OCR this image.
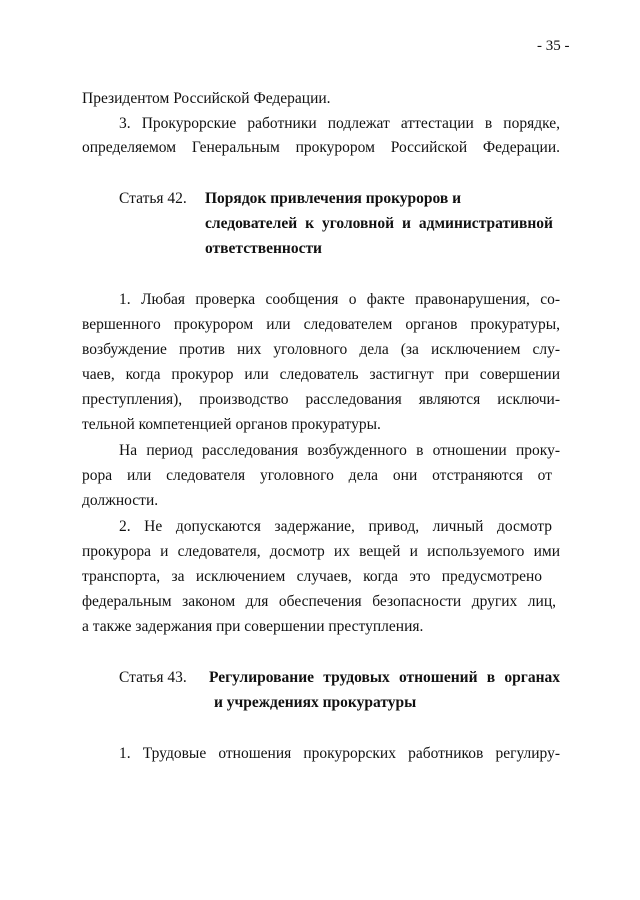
- 35 -
Президентом Российской Федерации.
3. Прокурорские работники подлежат аттестации в порядке,
определяемом Генеральным прокурором Российской Федерации.
Статья 42. Порядок привлечения прокуроров и
следователей к уголовной и административной
ответственности
1. Любая проверка сообщения о факте правонарушения, со-
вершенного прокурором или следователем органов прокуратуры,
возбуждение против них уголовного дела (за исключением слу-
чаев, когда прокурор или следователь застигнут при совершении
преступления), производство расследования являются исключи-
тельной компетенцией органов прокуратуры.
На период расследования возбужденного в отношении проку-
рора или следователя уголовного дела они отстраняются от
должности.
2. Не допускаются задержание, привод, личный досмотр
прокурора и следователя, досмотр их вещей и используемого ими
транспорта, за исключением случаев, когда это предусмотрено
федеральным законом для обеспечения безопасности других лиц,
а также задержания при совершении преступления.
Статья 43. Регулирование трудовых отношений в органах
и учреждениях прокуратуры
1. Трудовые отношения прокурорских работников регулиру-
